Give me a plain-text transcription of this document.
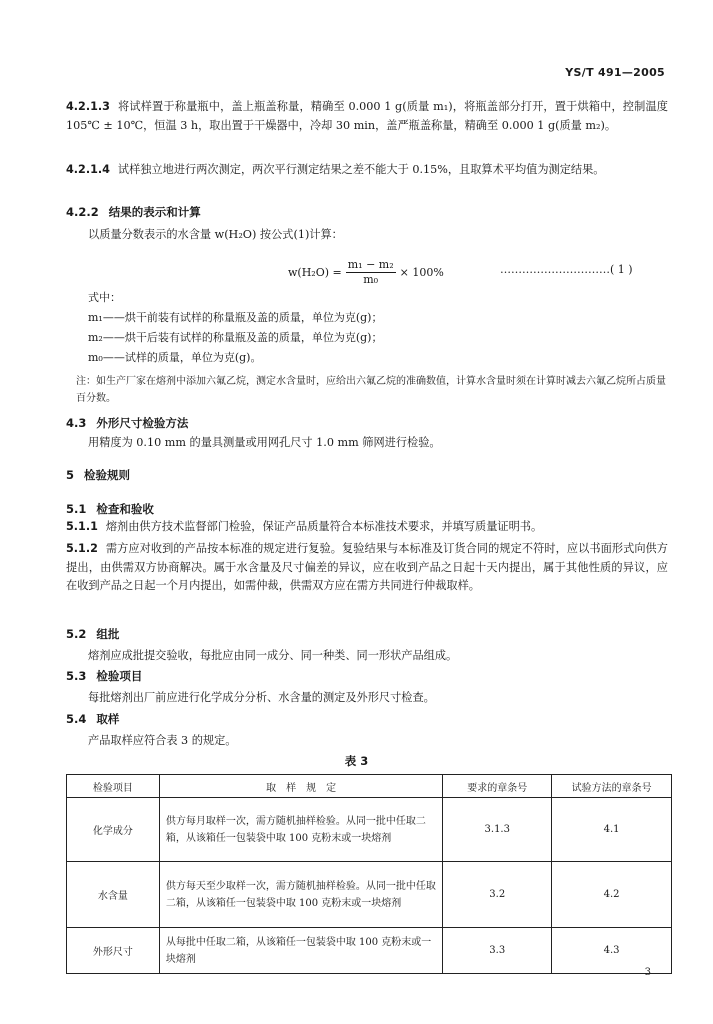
YS/T 491—2005
4.2.1.3 将试样置于称量瓶中，盖上瓶盖称量，精确至 0.000 1 g(质量 m₁)，将瓶盖部分打开，置于烘箱中，控制温度 105℃ ± 10℃，恒温 3 h，取出置于干燥器中，冷却 30 min，盖严瓶盖称量，精确至 0.000 1 g(质量 m₂)。
4.2.1.4 试样独立地进行两次测定，两次平行测定结果之差不能大于 0.15%，且取算术平均值为测定结果。
4.2.2 结果的表示和计算
以质量分数表示的水含量 w(H₂O) 按公式(1)计算：
$w(H_2O) = \frac{\text{m₁ − m₂}}{\text{m₀}} \times 100\%$	…………………………( 1 )
式中：
m₁——烘干前装有试样的称量瓶及盖的质量，单位为克(g)；
m₂——烘干后装有试样的称量瓶及盖的质量，单位为克(g)；
m₀——试样的质量，单位为克(g)。
注：如生产厂家在熔剂中添加六氟乙烷，测定水含量时，应给出六氟乙烷的准确数值，计算水含量时须在计算时减去六氟乙烷所占质量百分数。
4.3 外形尺寸检验方法
用精度为 0.10 mm 的量具测量或用网孔尺寸 1.0 mm 筛网进行检验。
5 检验规则
5.1 检查和验收
5.1.1 熔剂由供方技术监督部门检验，保证产品质量符合本标准技术要求，并填写质量证明书。
5.1.2 需方应对收到的产品按本标准的规定进行复验。复验结果与本标准及订货合同的规定不符时，应以书面形式向供方提出，由供需双方协商解决。属于水含量及尺寸偏差的异议，应在收到产品之日起十天内提出，属于其他性质的异议，应在收到产品之日起一个月内提出，如需仲裁，供需双方应在需方共同进行仲裁取样。
5.2 组批
熔剂应成批提交验收，每批应由同一成分、同一种类、同一形状产品组成。
5.3 检验项目
每批熔剂出厂前应进行化学成分分析、水含量的测定及外形尺寸检查。
5.4 取样
产品取样应符合表 3 的规定。
表 3
检验项目	取　样　规　定	要求的章条号	试验方法的章条号
化学成分	供方每月取样一次，需方随机抽样检验。从同一批中任取二箱，从该箱任一包装袋中取 100 克粉末或一块熔剂	3.1.3	4.1
水含量	供方每天至少取样一次，需方随机抽样检验。从同一批中任取二箱，从该箱任一包装袋中取 100 克粉末或一块熔剂	3.2	4.2
外形尺寸	从每批中任取二箱，从该箱任一包装袋中取 100 克粉末或一块熔剂	3.3	4.3
3
